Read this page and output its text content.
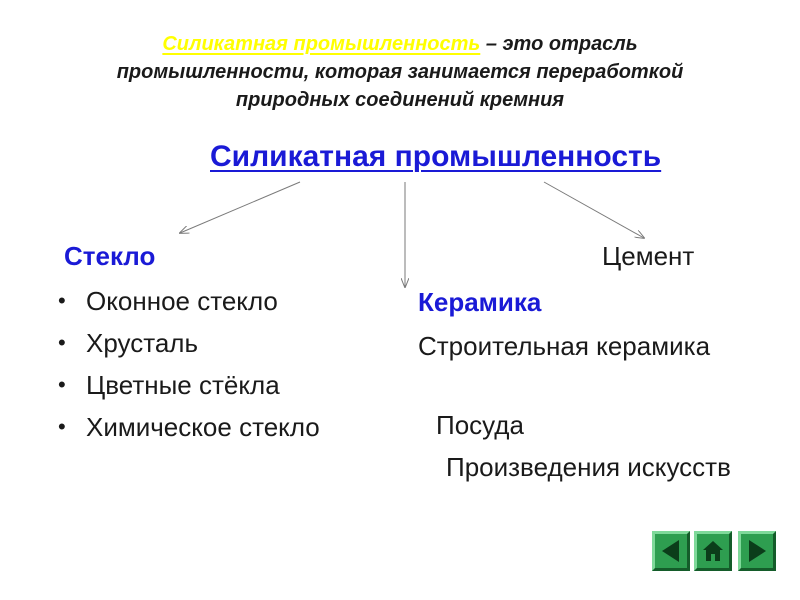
Силикатная промышленность – это отрасль
промышленности, которая занимается переработкой
природных соединений кремния
Силикатная промышленность
Стекло	Цемент
Керамика
• Оконное стекло
• Хрусталь
• Цветные стёкла
• Химическое стекло
Строительная керамика
Посуда
Произведения искусств
